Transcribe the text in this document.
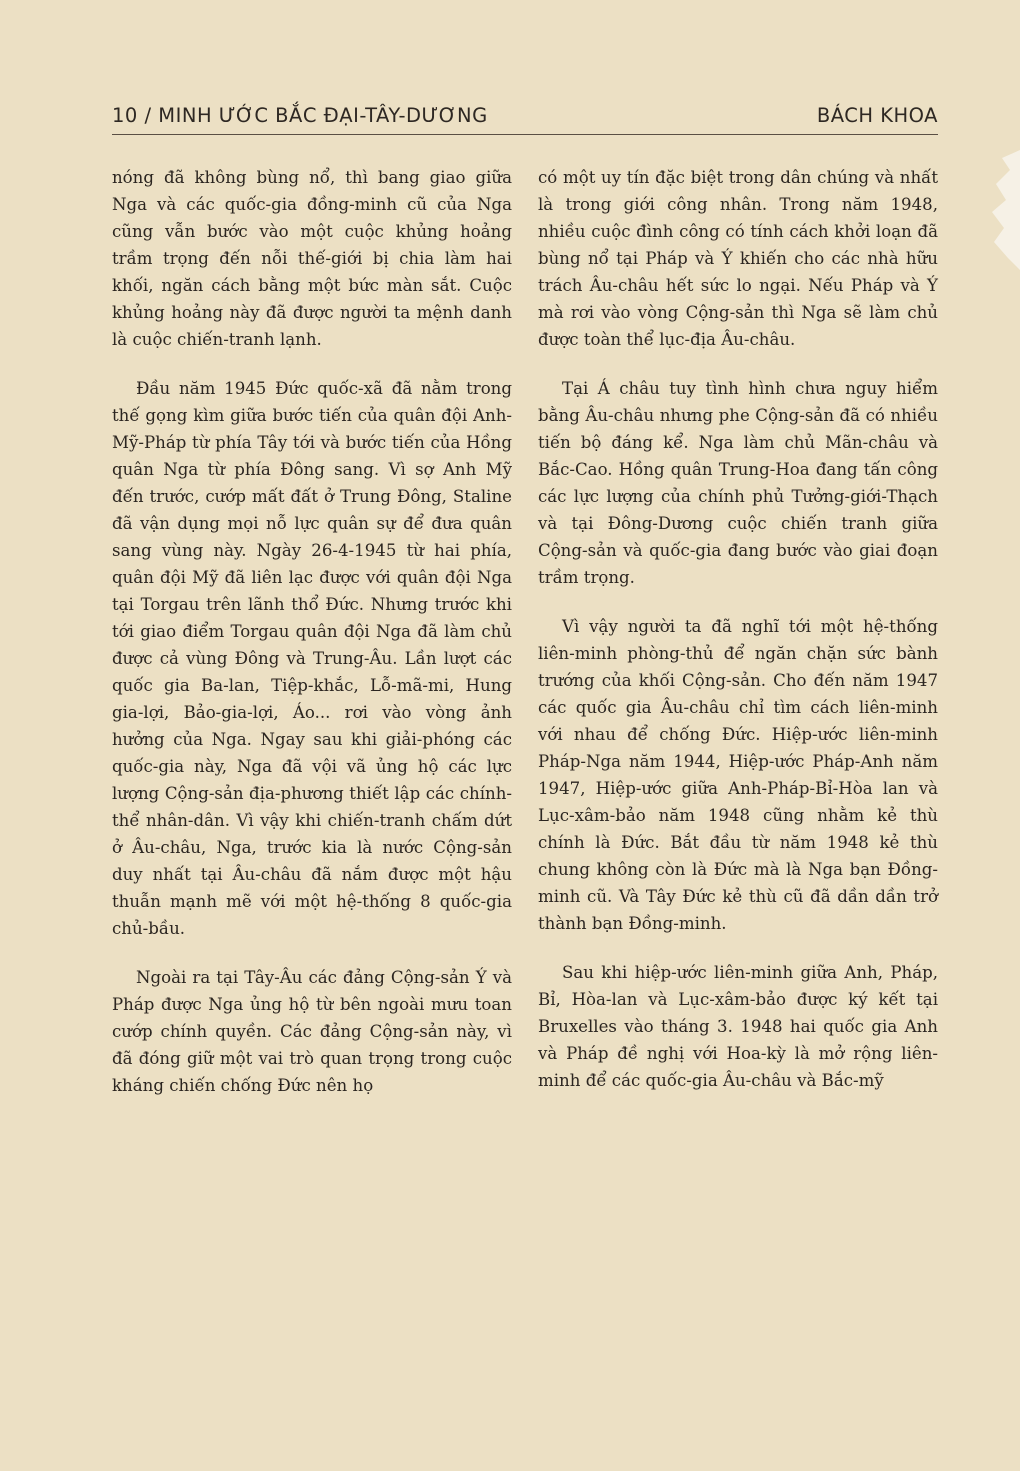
10 / MINH ƯỚC BẮC ĐẠI-TÂY-DƯƠNG	BÁCH KHOA

nóng đã không bùng nổ, thì bang giao giữa Nga và các quốc-gia đồng-minh cũ của Nga cũng vẫn bước vào một cuộc khủng hoảng trầm trọng đến nỗi thế-giới bị chia làm hai khối, ngăn cách bằng một bức màn sắt. Cuộc khủng hoảng này đã được người ta mệnh danh là cuộc chiến-tranh lạnh.

Đầu năm 1945 Đức quốc-xã đã nằm trong thế gọng kìm giữa bước tiến của quân đội Anh-Mỹ-Pháp từ phía Tây tới và bước tiến của Hồng quân Nga từ phía Đông sang. Vì sợ Anh Mỹ đến trước, cướp mất đất ở Trung Đông, Staline đã vận dụng mọi nỗ lực quân sự để đưa quân sang vùng này. Ngày 26-4-1945 từ hai phía, quân đội Mỹ đã liên lạc được với quân đội Nga tại Torgau trên lãnh thổ Đức. Nhưng trước khi tới giao điểm Torgau quân đội Nga đã làm chủ được cả vùng Đông và Trung-Âu. Lần lượt các quốc gia Ba-lan, Tiệp-khắc, Lỗ-mã-mi, Hung gia-lợi, Bảo-gia-lợi, Áo... rơi vào vòng ảnh hưởng của Nga. Ngay sau khi giải-phóng các quốc-gia này, Nga đã vội vã ủng hộ các lực lượng Cộng-sản địa-phương thiết lập các chính-thể nhân-dân. Vì vậy khi chiến-tranh chấm dứt ở Âu-châu, Nga, trước kia là nước Cộng-sản duy nhất tại Âu-châu đã nắm được một hậu thuẫn mạnh mẽ với một hệ-thống 8 quốc-gia chủ-bầu.

Ngoài ra tại Tây-Âu các đảng Cộng-sản Ý và Pháp được Nga ủng hộ từ bên ngoài mưu toan cướp chính quyền. Các đảng Cộng-sản này, vì đã đóng giữ một vai trò quan trọng trong cuộc kháng chiến chống Đức nên họ

có một uy tín đặc biệt trong dân chúng và nhất là trong giới công nhân. Trong năm 1948, nhiều cuộc đình công có tính cách khởi loạn đã bùng nổ tại Pháp và Ý khiến cho các nhà hữu trách Âu-châu hết sức lo ngại. Nếu Pháp và Ý mà rơi vào vòng Cộng-sản thì Nga sẽ làm chủ được toàn thể lục-địa Âu-châu.

Tại Á châu tuy tình hình chưa nguy hiểm bằng Âu-châu nhưng phe Cộng-sản đã có nhiều tiến bộ đáng kể. Nga làm chủ Mãn-châu và Bắc-Cao. Hồng quân Trung-Hoa đang tấn công các lực lượng của chính phủ Tưởng-giới-Thạch và tại Đông-Dương cuộc chiến tranh giữa Cộng-sản và quốc-gia đang bước vào giai đoạn trầm trọng.

Vì vậy người ta đã nghĩ tới một hệ-thống liên-minh phòng-thủ để ngăn chặn sức bành trướng của khối Cộng-sản. Cho đến năm 1947 các quốc gia Âu-châu chỉ tìm cách liên-minh với nhau để chống Đức. Hiệp-ước liên-minh Pháp-Nga năm 1944, Hiệp-ước Pháp-Anh năm 1947, Hiệp-ước giữa Anh-Pháp-Bỉ-Hòa lan và Lục-xâm-bảo năm 1948 cũng nhằm kẻ thù chính là Đức. Bắt đầu từ năm 1948 kẻ thù chung không còn là Đức mà là Nga bạn Đồng-minh cũ. Và Tây Đức kẻ thù cũ đã dần dần trở thành bạn Đồng-minh.

Sau khi hiệp-ước liên-minh giữa Anh, Pháp, Bỉ, Hòa-lan và Lục-xâm-bảo được ký kết tại Bruxelles vào tháng 3. 1948 hai quốc gia Anh và Pháp đề nghị với Hoa-kỳ là mở rộng liên-minh để các quốc-gia Âu-châu và Bắc-mỹ
